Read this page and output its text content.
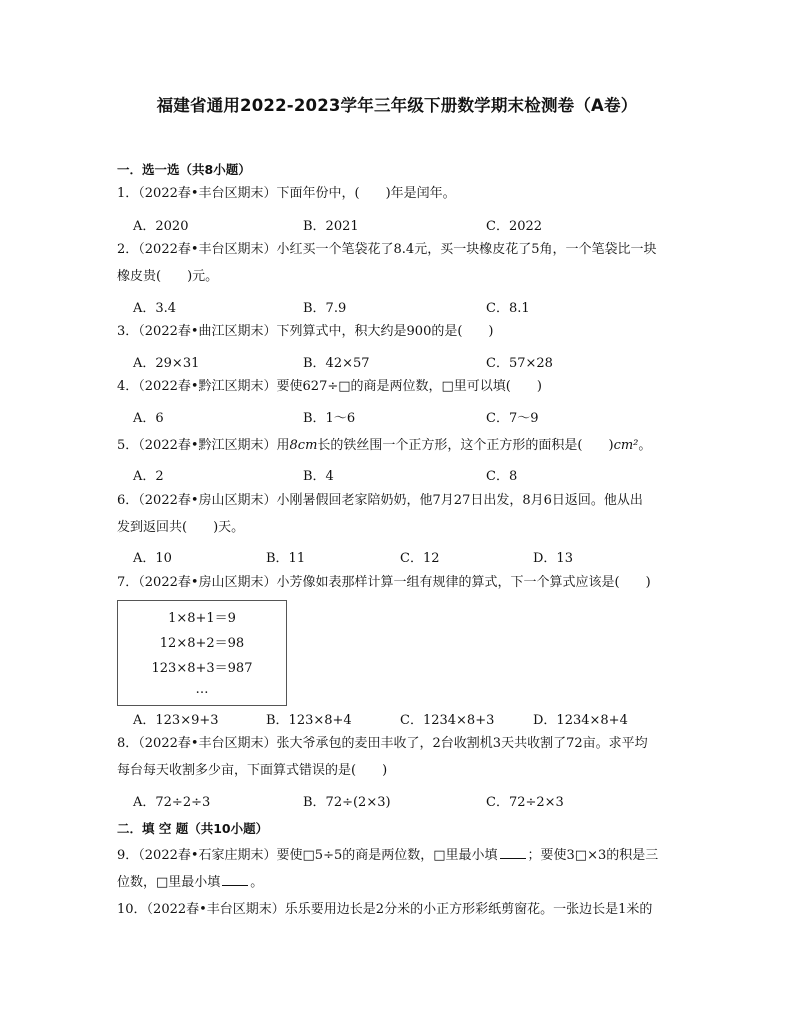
福建省通用2022-2023学年三年级下册数学期末检测卷（A卷）
一．选一选（共8小题）
1．（2022春•丰台区期末）下面年份中，(　　)年是闰年。
A．2020	B．2021	C．2022
2．（2022春•丰台区期末）小红买一个笔袋花了8.4元，买一块橡皮花了5角，一个笔袋比一块
橡皮贵(　　)元。
A．3.4	B．7.9	C．8.1
3．（2022春•曲江区期末）下列算式中，积大约是900的是(　　)
A．29×31	B．42×57	C．57×28
4．（2022春•黔江区期末）要使627÷□的商是两位数，□里可以填(　　)
A．6	B．1～6	C．7～9
5．（2022春•黔江区期末）用8cm长的铁丝围一个正方形，这个正方形的面积是(　　)cm²。
A．2	B．4	C．8
6．（2022春•房山区期末）小刚暑假回老家陪奶奶，他7月27日出发，8月6日返回。他从出
发到返回共(　　)天。
A．10	B．11	C．12	D．13
7．（2022春•房山区期末）小芳像如表那样计算一组有规律的算式，下一个算式应该是(　　)
1×8+1＝9
12×8+2＝98
123×8+3＝987
…
A．123×9+3	B．123×8+4	C．1234×8+3	D．1234×8+4
8．（2022春•丰台区期末）张大爷承包的麦田丰收了，2台收割机3天共收割了72亩。求平均
每台每天收割多少亩，下面算式错误的是(　　)
A．72÷2÷3	B．72÷(2×3)	C．72÷2×3
二．填 空 题（共10小题）
9．（2022春•石家庄期末）要使□5÷5的商是两位数，□里最小填 ；要使3□×3的积是三
位数，□里最小填 。
10．（2022春•丰台区期末）乐乐要用边长是2分米的小正方形彩纸剪窗花。一张边长是1米的
